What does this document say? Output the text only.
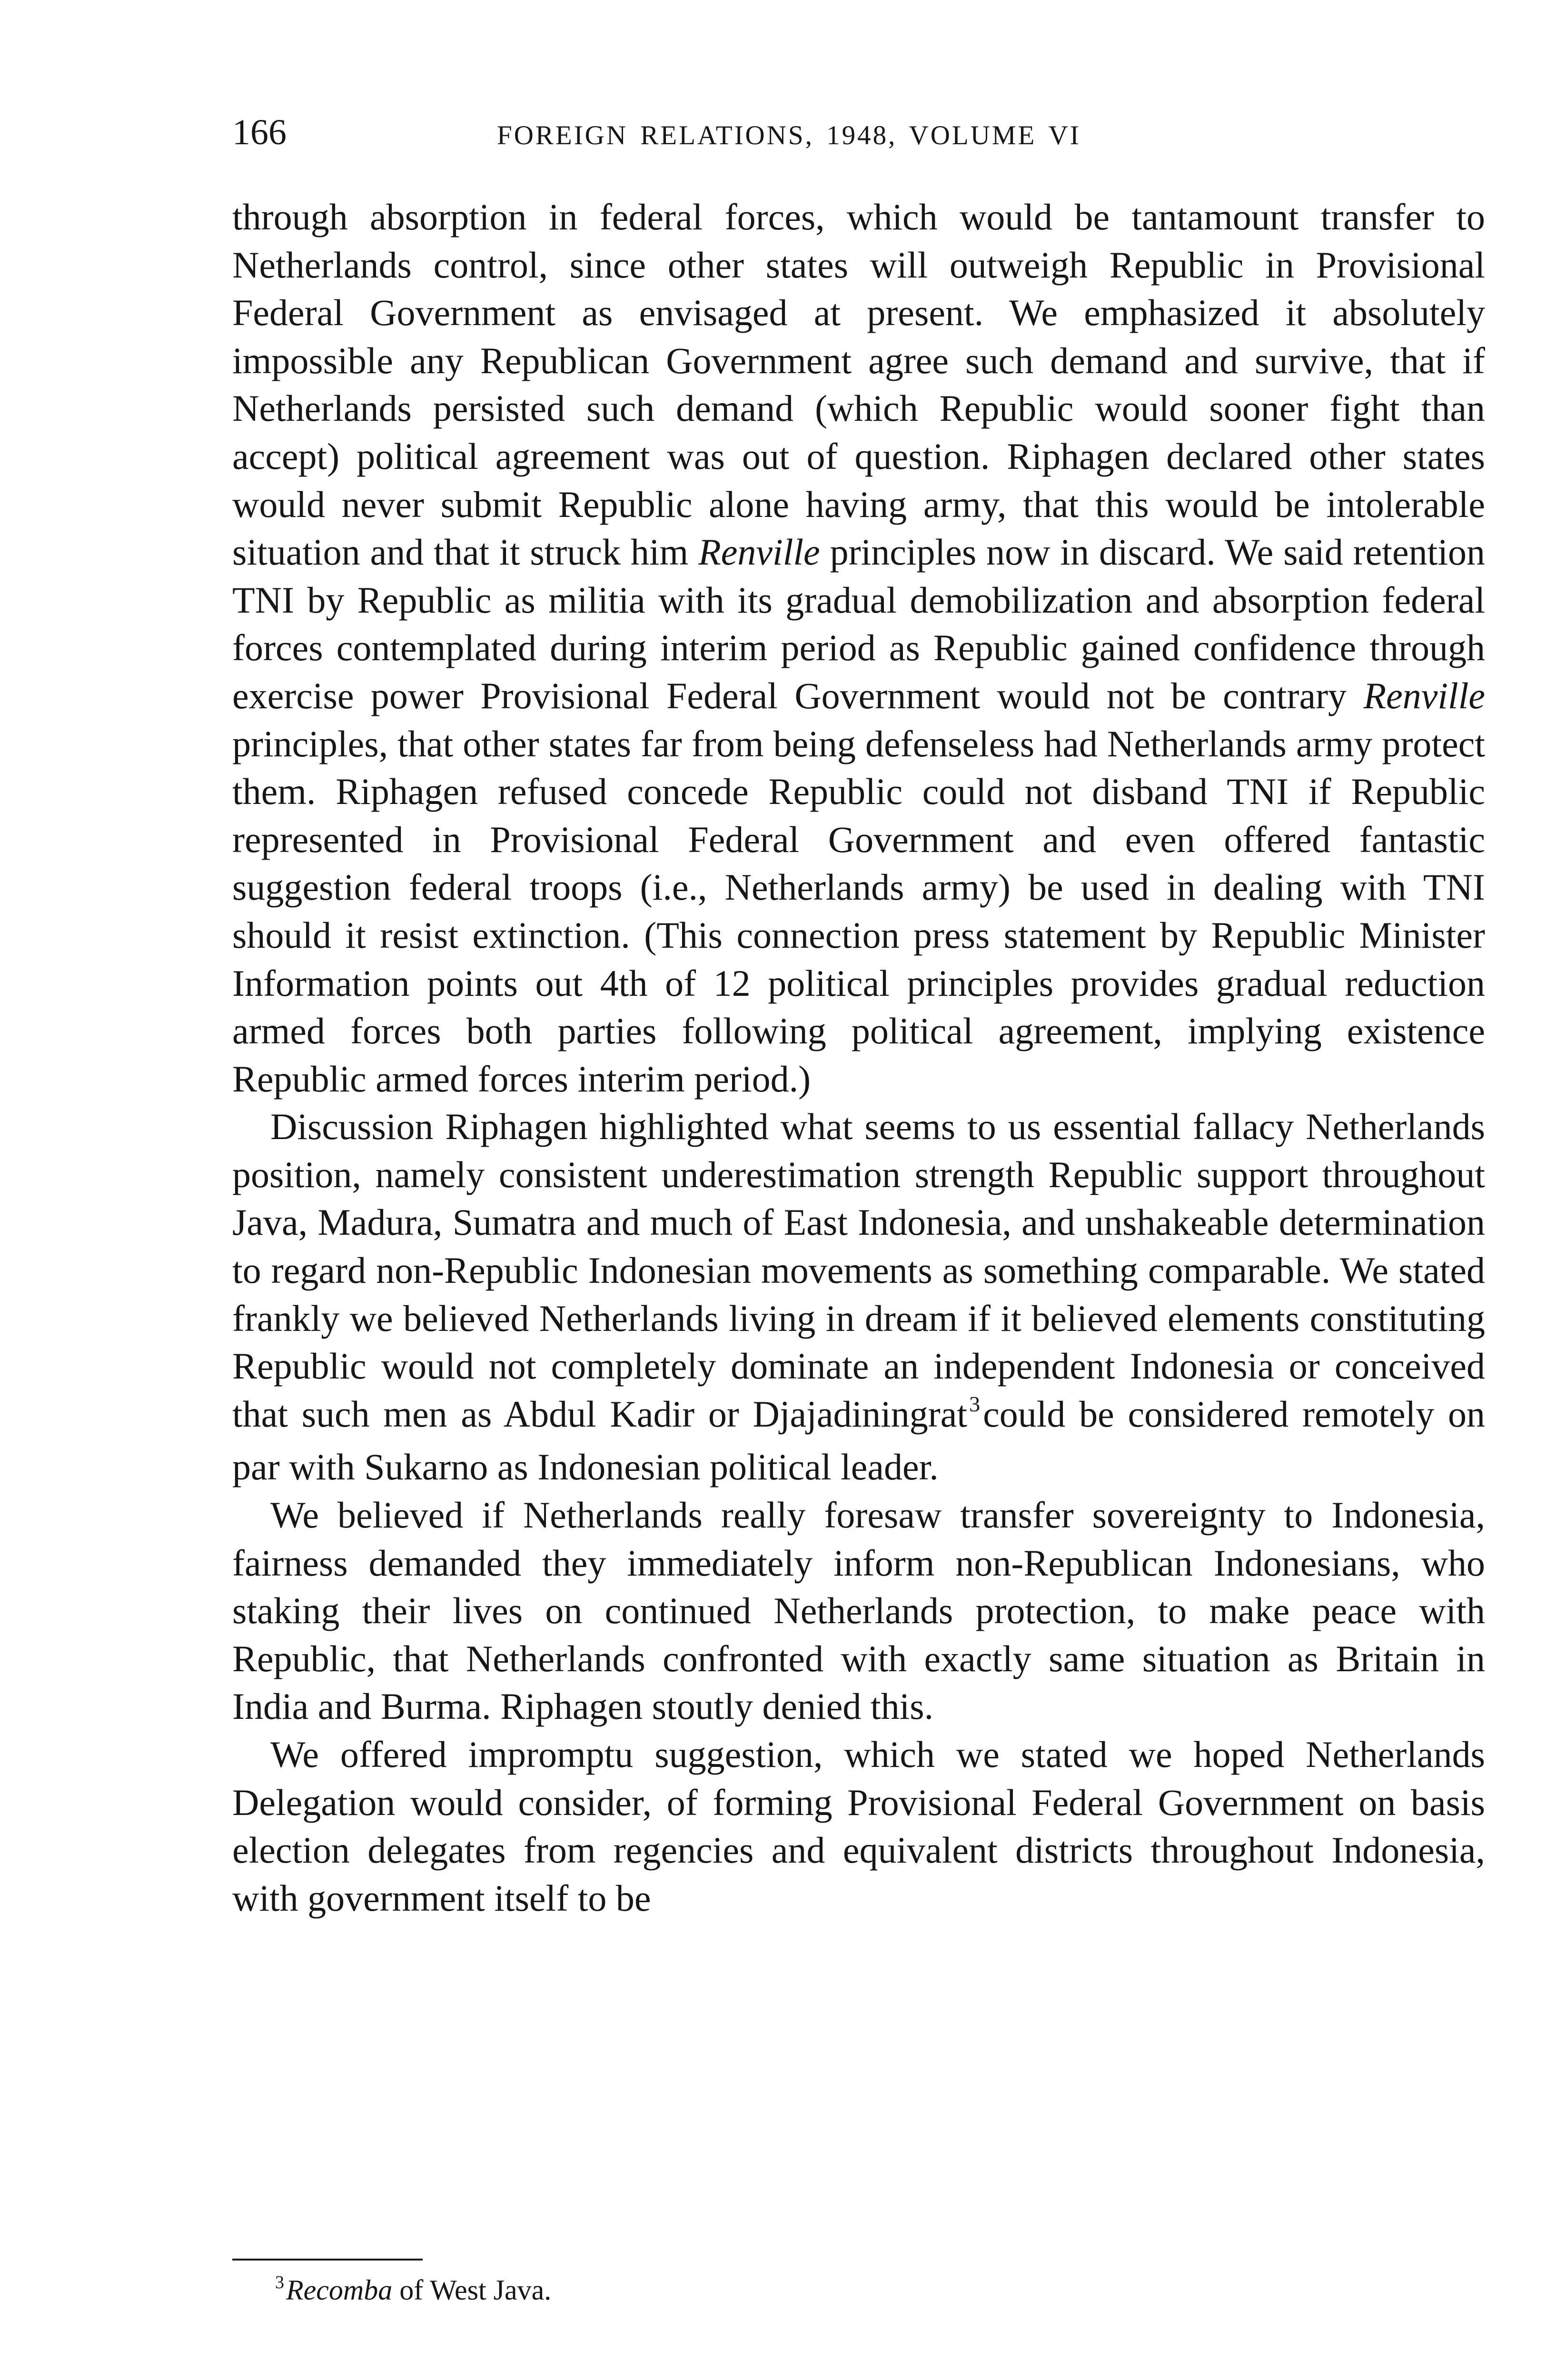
166	FOREIGN RELATIONS, 1948, VOLUME VI

through absorption in federal forces, which would be tantamount transfer to Netherlands control, since other states will outweigh Republic in Provisional Federal Government as envisaged at present. We emphasized it absolutely impossible any Republican Government agree such demand and survive, that if Netherlands persisted such demand (which Republic would sooner fight than accept) political agreement was out of question. Riphagen declared other states would never submit Republic alone having army, that this would be intolerable situation and that it struck him Renville principles now in discard. We said retention TNI by Republic as militia with its gradual demobilization and absorption federal forces contemplated during interim period as Republic gained confidence through exercise power Provisional Federal Government would not be contrary Renville principles, that other states far from being defenseless had Netherlands army protect them. Riphagen refused concede Republic could not disband TNI if Republic represented in Provisional Federal Government and even offered fantastic suggestion federal troops (i.e., Netherlands army) be used in dealing with TNI should it resist extinction. (This connection press statement by Republic Minister Information points out 4th of 12 political principles provides gradual reduction armed forces both parties following political agreement, implying existence Republic armed forces interim period.)

Discussion Riphagen highlighted what seems to us essential fallacy Netherlands position, namely consistent underestimation strength Republic support throughout Java, Madura, Sumatra and much of East Indonesia, and unshakeable determination to regard non-Republic Indonesian movements as something comparable. We stated frankly we believed Netherlands living in dream if it believed elements constituting Republic would not completely dominate an independent Indonesia or conceived that such men as Abdul Kadir or Djajadiningrat$^3$could be considered remotely on par with Sukarno as Indonesian political leader.

We believed if Netherlands really foresaw transfer sovereignty to Indonesia, fairness demanded they immediately inform non-Republican Indonesians, who staking their lives on continued Netherlands protection, to make peace with Republic, that Netherlands confronted with exactly same situation as Britain in India and Burma. Riphagen stoutly denied this.

We offered impromptu suggestion, which we stated we hoped Netherlands Delegation would consider, of forming Provisional Federal Government on basis election delegates from regencies and equivalent districts throughout Indonesia, with government itself to be

$^3$Recomba of West Java.
